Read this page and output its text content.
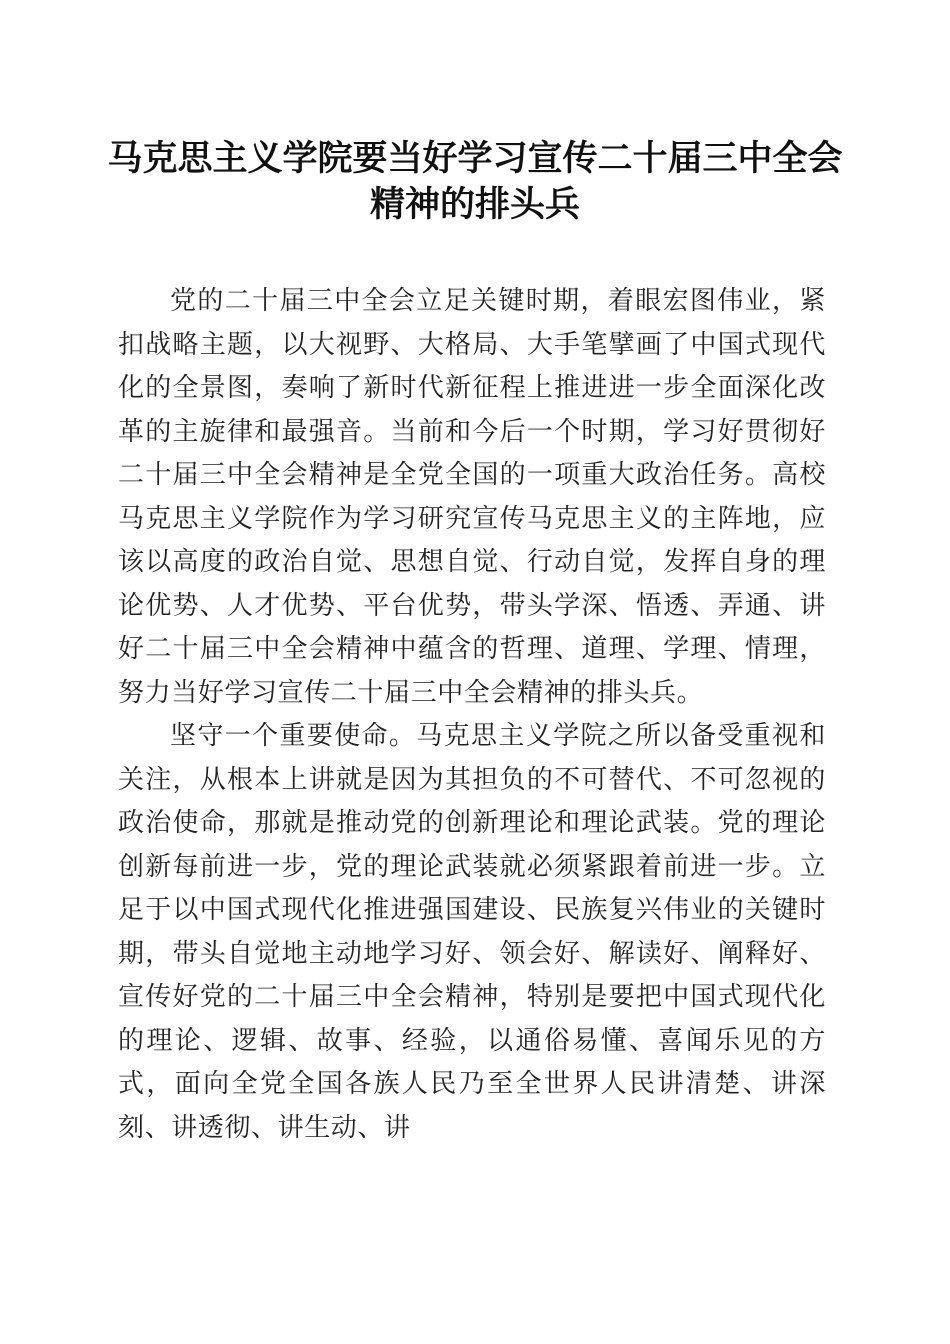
马克思主义学院要当好学习宣传二十届三中全会精神的排头兵

党的二十届三中全会立足关键时期，着眼宏图伟业，紧扣战略主题，以大视野、大格局、大手笔擘画了中国式现代化的全景图，奏响了新时代新征程上推进进一步全面深化改革的主旋律和最强音。当前和今后一个时期，学习好贯彻好二十届三中全会精神是全党全国的一项重大政治任务。高校马克思主义学院作为学习研究宣传马克思主义的主阵地，应该以高度的政治自觉、思想自觉、行动自觉，发挥自身的理论优势、人才优势、平台优势，带头学深、悟透、弄通、讲好二十届三中全会精神中蕴含的哲理、道理、学理、情理，努力当好学习宣传二十届三中全会精神的排头兵。

坚守一个重要使命。马克思主义学院之所以备受重视和关注，从根本上讲就是因为其担负的不可替代、不可忽视的政治使命，那就是推动党的创新理论和理论武装。党的理论创新每前进一步，党的理论武装就必须紧跟着前进一步。立足于以中国式现代化推进强国建设、民族复兴伟业的关键时期，带头自觉地主动地学习好、领会好、解读好、阐释好、宣传好党的二十届三中全会精神，特别是要把中国式现代化的理论、逻辑、故事、经验，以通俗易懂、喜闻乐见的方式，面向全党全国各族人民乃至全世界人民讲清楚、讲深刻、讲透彻、讲生动、讲
